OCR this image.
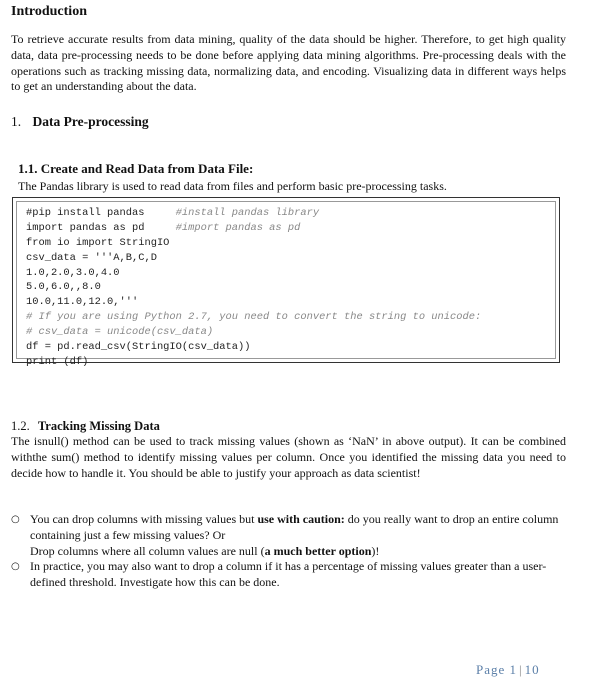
Introduction

To retrieve accurate results from data mining, quality of the data should be higher. Therefore, to get high quality data, data pre-processing needs to be done before applying data mining algorithms. Pre-processing deals with the operations such as tracking missing data, normalizing data, and encoding. Visualizing data in different ways helps to get an understanding about the data.

1. Data Pre-processing
1.1. Create and Read Data from Data File:
The Pandas library is used to read data from files and perform basic pre-processing tasks.
#pip install pandas     #install pandas library
import pandas as pd     #import pandas as pd
from io import StringIO
csv_data = '''A,B,C,D
1.0,2.0,3.0,4.0
5.0,6.0,,8.0
10.0,11.0,12.0,'''
# If you are using Python 2.7, you need to convert the string to unicode:
# csv_data = unicode(csv_data)
df = pd.read_csv(StringIO(csv_data))
print (df)
1.2. Tracking Missing Data

The isnull() method can be used to track missing values (shown as ‘NaN’ in above output). It can be combined withthe sum() method to identify missing values per column. Once you identified the missing data you need to decide how to handle it. You should be able to justify your approach as data scientist!

○ You can drop columns with missing values but use with caution: do you really want to drop an entire column containing just a few missing values? Or
Drop columns where all column values are null (a much better option)!
○ In practice, you may also want to drop a column if it has a percentage of missing values greater than a user-defined threshold. Investigate how this can be done.
Page 1 | 10
